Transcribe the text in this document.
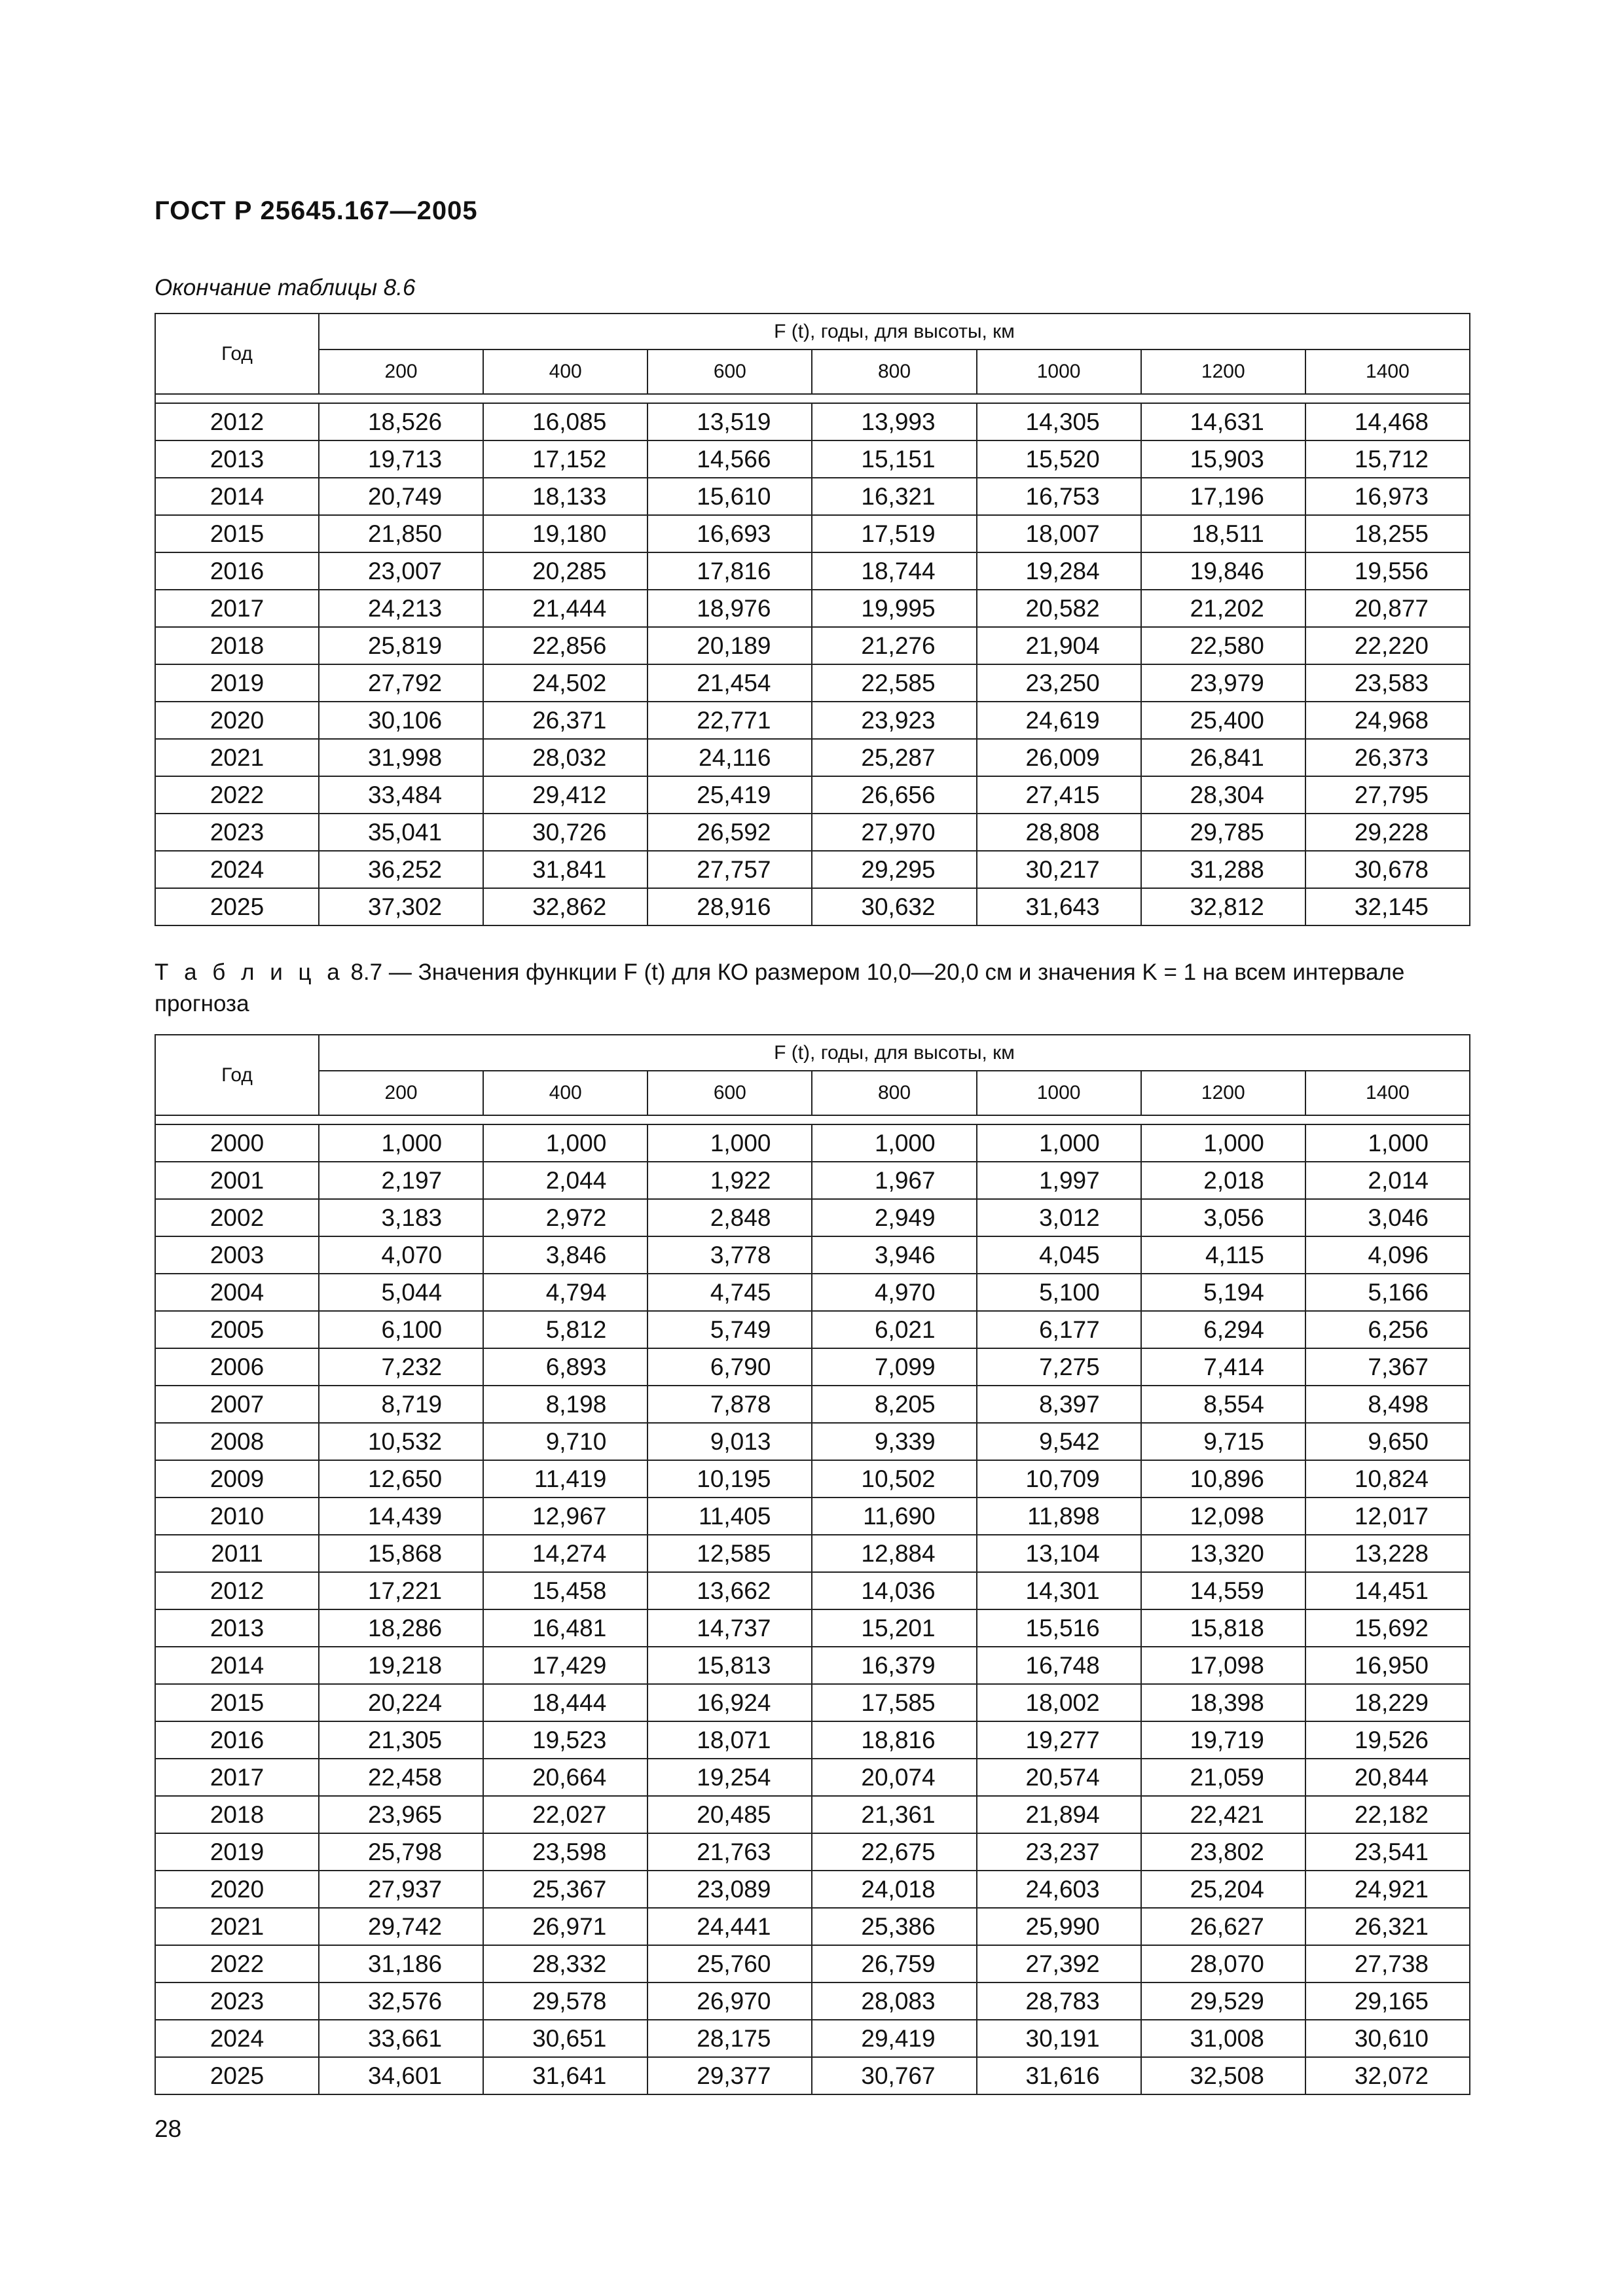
ГОСТ Р 25645.167—2005
Окончание таблицы 8.6
Год	F (t), годы, для высоты, км						
	200	400	600	800	1000	1200	1400

2012	18,526	16,085	13,519	13,993	14,305	14,631	14,468
2013	19,713	17,152	14,566	15,151	15,520	15,903	15,712
2014	20,749	18,133	15,610	16,321	16,753	17,196	16,973
2015	21,850	19,180	16,693	17,519	18,007	18,511	18,255
2016	23,007	20,285	17,816	18,744	19,284	19,846	19,556
2017	24,213	21,444	18,976	19,995	20,582	21,202	20,877
2018	25,819	22,856	20,189	21,276	21,904	22,580	22,220
2019	27,792	24,502	21,454	22,585	23,250	23,979	23,583
2020	30,106	26,371	22,771	23,923	24,619	25,400	24,968
2021	31,998	28,032	24,116	25,287	26,009	26,841	26,373
2022	33,484	29,412	25,419	26,656	27,415	28,304	27,795
2023	35,041	30,726	26,592	27,970	28,808	29,785	29,228
2024	36,252	31,841	27,757	29,295	30,217	31,288	30,678
2025	37,302	32,862	28,916	30,632	31,643	32,812	32,145
Т а б л и ц а 8.7 — Значения функции F (t) для КО размером 10,0—20,0 см и значения K = 1 на всем интервале прогноза
Год	F (t), годы, для высоты, км						
	200	400	600	800	1000	1200	1400

2000	1,000	1,000	1,000	1,000	1,000	1,000	1,000
2001	2,197	2,044	1,922	1,967	1,997	2,018	2,014
2002	3,183	2,972	2,848	2,949	3,012	3,056	3,046
2003	4,070	3,846	3,778	3,946	4,045	4,115	4,096
2004	5,044	4,794	4,745	4,970	5,100	5,194	5,166
2005	6,100	5,812	5,749	6,021	6,177	6,294	6,256
2006	7,232	6,893	6,790	7,099	7,275	7,414	7,367
2007	8,719	8,198	7,878	8,205	8,397	8,554	8,498
2008	10,532	9,710	9,013	9,339	9,542	9,715	9,650
2009	12,650	11,419	10,195	10,502	10,709	10,896	10,824
2010	14,439	12,967	11,405	11,690	11,898	12,098	12,017
2011	15,868	14,274	12,585	12,884	13,104	13,320	13,228
2012	17,221	15,458	13,662	14,036	14,301	14,559	14,451
2013	18,286	16,481	14,737	15,201	15,516	15,818	15,692
2014	19,218	17,429	15,813	16,379	16,748	17,098	16,950
2015	20,224	18,444	16,924	17,585	18,002	18,398	18,229
2016	21,305	19,523	18,071	18,816	19,277	19,719	19,526
2017	22,458	20,664	19,254	20,074	20,574	21,059	20,844
2018	23,965	22,027	20,485	21,361	21,894	22,421	22,182
2019	25,798	23,598	21,763	22,675	23,237	23,802	23,541
2020	27,937	25,367	23,089	24,018	24,603	25,204	24,921
2021	29,742	26,971	24,441	25,386	25,990	26,627	26,321
2022	31,186	28,332	25,760	26,759	27,392	28,070	27,738
2023	32,576	29,578	26,970	28,083	28,783	29,529	29,165
2024	33,661	30,651	28,175	29,419	30,191	31,008	30,610
2025	34,601	31,641	29,377	30,767	31,616	32,508	32,072
28
